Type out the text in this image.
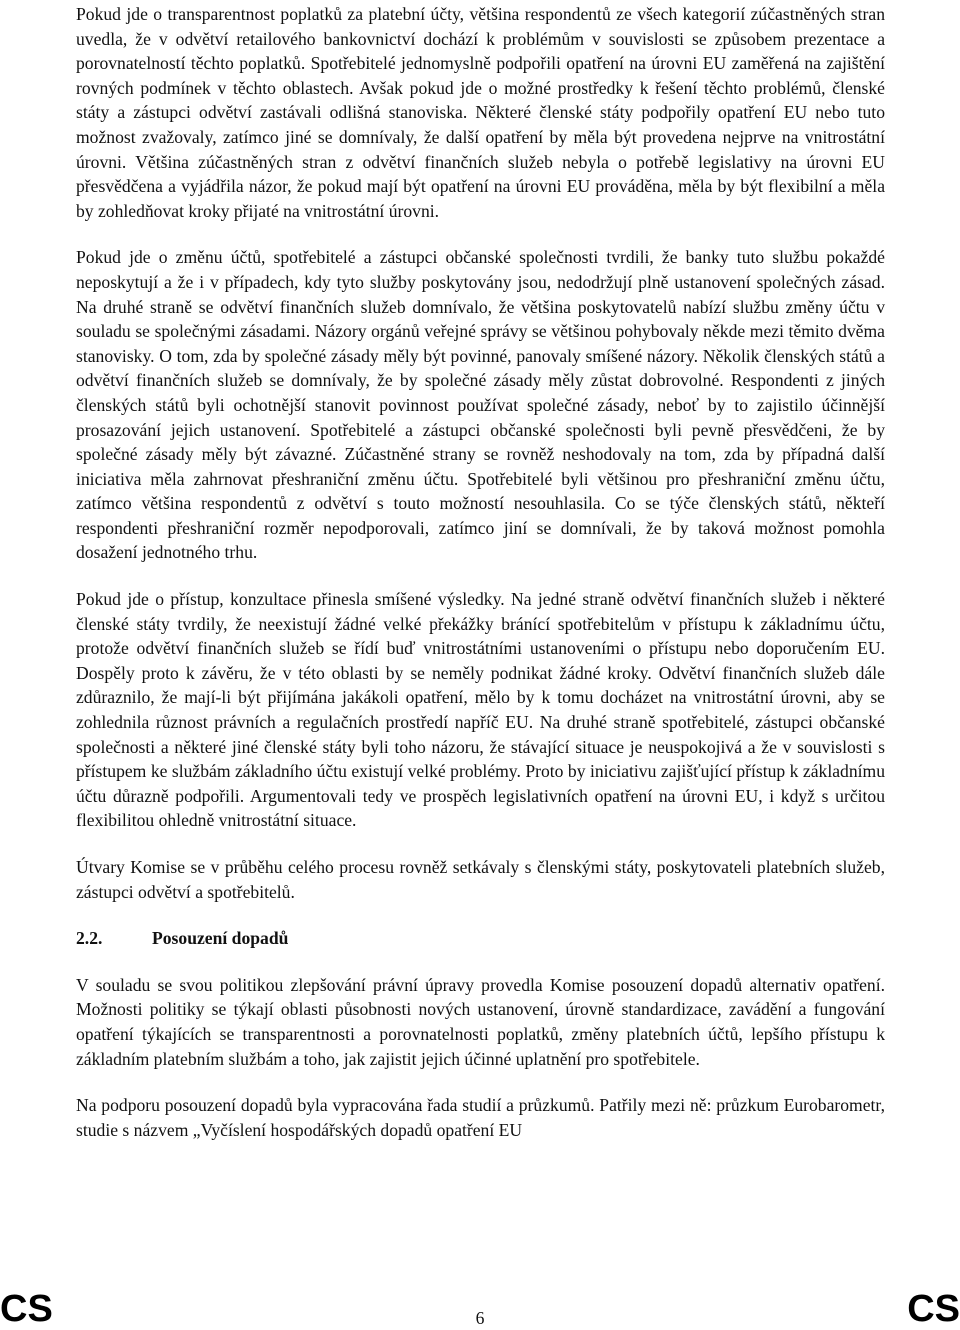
Pokud jde o transparentnost poplatků za platební účty, většina respondentů ze všech kategorií zúčastněných stran uvedla, že v odvětví retailového bankovnictví dochází k problémům v souvislosti se způsobem prezentace a porovnatelností těchto poplatků. Spotřebitelé jednomyslně podpořili opatření na úrovni EU zaměřená na zajištění rovných podmínek v těchto oblastech. Avšak pokud jde o možné prostředky k řešení těchto problémů, členské státy a zástupci odvětví zastávali odlišná stanoviska. Některé členské státy podpořily opatření EU nebo tuto možnost zvažovaly, zatímco jiné se domnívaly, že další opatření by měla být provedena nejprve na vnitrostátní úrovni. Většina zúčastněných stran z odvětví finančních služeb nebyla o potřebě legislativy na úrovni EU přesvědčena a vyjádřila názor, že pokud mají být opatření na úrovni EU prováděna, měla by být flexibilní a měla by zohledňovat kroky přijaté na vnitrostátní úrovni.

Pokud jde o změnu účtů, spotřebitelé a zástupci občanské společnosti tvrdili, že banky tuto službu pokaždé neposkytují a že i v případech, kdy tyto služby poskytovány jsou, nedodržují plně ustanovení společných zásad. Na druhé straně se odvětví finančních služeb domnívalo, že většina poskytovatelů nabízí službu změny účtu v souladu se společnými zásadami. Názory orgánů veřejné správy se většinou pohybovaly někde mezi těmito dvěma stanovisky. O tom, zda by společné zásady měly být povinné, panovaly smíšené názory. Několik členských států a odvětví finančních služeb se domnívaly, že by společné zásady měly zůstat dobrovolné. Respondenti z jiných členských států byli ochotnější stanovit povinnost používat společné zásady, neboť by to zajistilo účinnější prosazování jejich ustanovení. Spotřebitelé a zástupci občanské společnosti byli pevně přesvědčeni, že by společné zásady měly být závazné. Zúčastněné strany se rovněž neshodovaly na tom, zda by případná další iniciativa měla zahrnovat přeshraniční změnu účtu. Spotřebitelé byli většinou pro přeshraniční změnu účtu, zatímco většina respondentů z odvětví s touto možností nesouhlasila. Co se týče členských států, někteří respondenti přeshraniční rozměr nepodporovali, zatímco jiní se domnívali, že by taková možnost pomohla dosažení jednotného trhu.

Pokud jde o přístup, konzultace přinesla smíšené výsledky. Na jedné straně odvětví finančních služeb i některé členské státy tvrdily, že neexistují žádné velké překážky bránící spotřebitelům v přístupu k základnímu účtu, protože odvětví finančních služeb se řídí buď vnitrostátními ustanoveními o přístupu nebo doporučením EU. Dospěly proto k závěru, že v této oblasti by se neměly podnikat žádné kroky. Odvětví finančních služeb dále zdůraznilo, že mají-li být přijímána jakákoli opatření, mělo by k tomu docházet na vnitrostátní úrovni, aby se zohlednila různost právních a regulačních prostředí napříč EU. Na druhé straně spotřebitelé, zástupci občanské společnosti a některé jiné členské státy byli toho názoru, že stávající situace je neuspokojivá a že v souvislosti s přístupem ke službám základního účtu existují velké problémy. Proto by iniciativu zajišťující přístup k základnímu účtu důrazně podpořili. Argumentovali tedy ve prospěch legislativních opatření na úrovni EU, i když s určitou flexibilitou ohledně vnitrostátní situace.

Útvary Komise se v průběhu celého procesu rovněž setkávaly s členskými státy, poskytovateli platebních služeb, zástupci odvětví a spotřebitelů.

2.2.	Posouzení dopadů

V souladu se svou politikou zlepšování právní úpravy provedla Komise posouzení dopadů alternativ opatření. Možnosti politiky se týkají oblasti působnosti nových ustanovení, úrovně standardizace, zavádění a fungování opatření týkajících se transparentnosti a porovnatelnosti poplatků, změny platebních účtů, lepšího přístupu k základním platebním službám a toho, jak zajistit jejich účinné uplatnění pro spotřebitele.

Na podporu posouzení dopadů byla vypracována řada studií a průzkumů. Patřily mezi ně: průzkum Eurobarometr, studie s názvem „Vyčíslení hospodářských dopadů opatření EU

CS	6	CS
